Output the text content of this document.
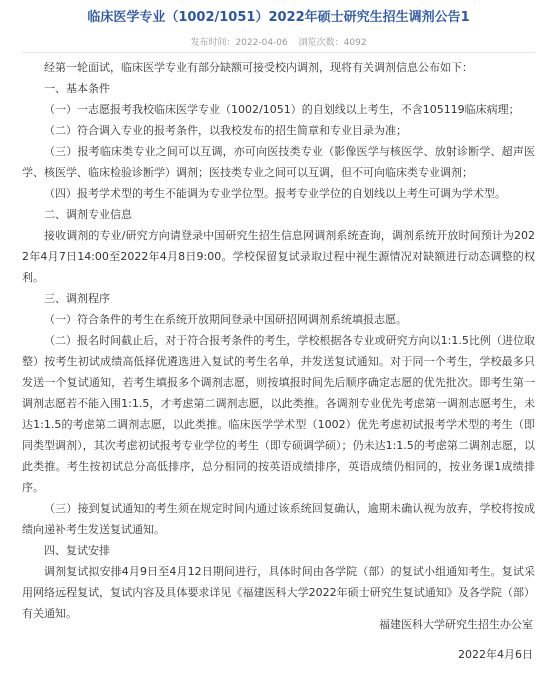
临床医学专业（1002/1051）2022年硕士研究生招生调剂公告1
发布时间：2022-04-06 浏览次数：4092

经第一轮面试，临床医学专业有部分缺额可接受校内调剂，现将有关调剂信息公布如下：

一、基本条件

（一）一志愿报考我校临床医学专业（1002/1051）的自划线以上考生，不含105119临床病理；

（二）符合调入专业的报考条件，以我校发布的招生简章和专业目录为准；

（三）报考临床类专业之间可以互调，亦可向医技类专业（影像医学与核医学、放射诊断学、超声医学、核医学、临床检验诊断学）调剂；医技类专业之间可以互调，但不可向临床类专业调剂；

（四）报考学术型的考生不能调为专业学位型。报考专业学位的自划线以上考生可调为学术型。

二、调剂专业信息

接收调剂的专业/研究方向请登录中国研究生招生信息网调剂系统查询，调剂系统开放时间预计为2022年4月7日14:00至2022年4月8日9:00。学校保留复试录取过程中视生源情况对缺额进行动态调整的权利。

三、调剂程序

（一）符合条件的考生在系统开放期间登录中国研招网调剂系统填报志愿。

（二）报名时间截止后，对于符合报考条件的考生，学校根据各专业或研究方向以1:1.5比例（进位取整）按考生初试成绩高低择优遴选进入复试的考生名单，并发送复试通知。对于同一个考生，学校最多只发送一个复试通知，若考生填报多个调剂志愿，则按填报时间先后顺序确定志愿的优先批次。即考生第一调剂志愿若不能入围1:1.5，才考虑第二调剂志愿，以此类推。各调剂专业优先考虑第一调剂志愿考生，未达1:1.5的考虑第二调剂志愿，以此类推。临床医学学术型（1002）优先考虑初试报考学术型的考生（即同类型调剂），其次考虑初试报考专业学位的考生（即专硕调学硕）；仍未达1:1.5的考虑第二调剂志愿，以此类推。考生按初试总分高低排序，总分相同的按英语成绩排序，英语成绩仍相同的，按业务课1成绩排序。

（三）接到复试通知的考生须在规定时间内通过该系统回复确认，逾期未确认视为放弃，学校将按成绩向递补考生发送复试通知。

四、复试安排

调剂复试拟安排4月9日至4月12日期间进行，具体时间由各学院（部）的复试小组通知考生。复试采用网络远程复试，复试内容及具体要求详见《福建医科大学2022年硕士研究生复试通知》及各学院（部）有关通知。

福建医科大学研究生招生办公室
2022年4月6日
